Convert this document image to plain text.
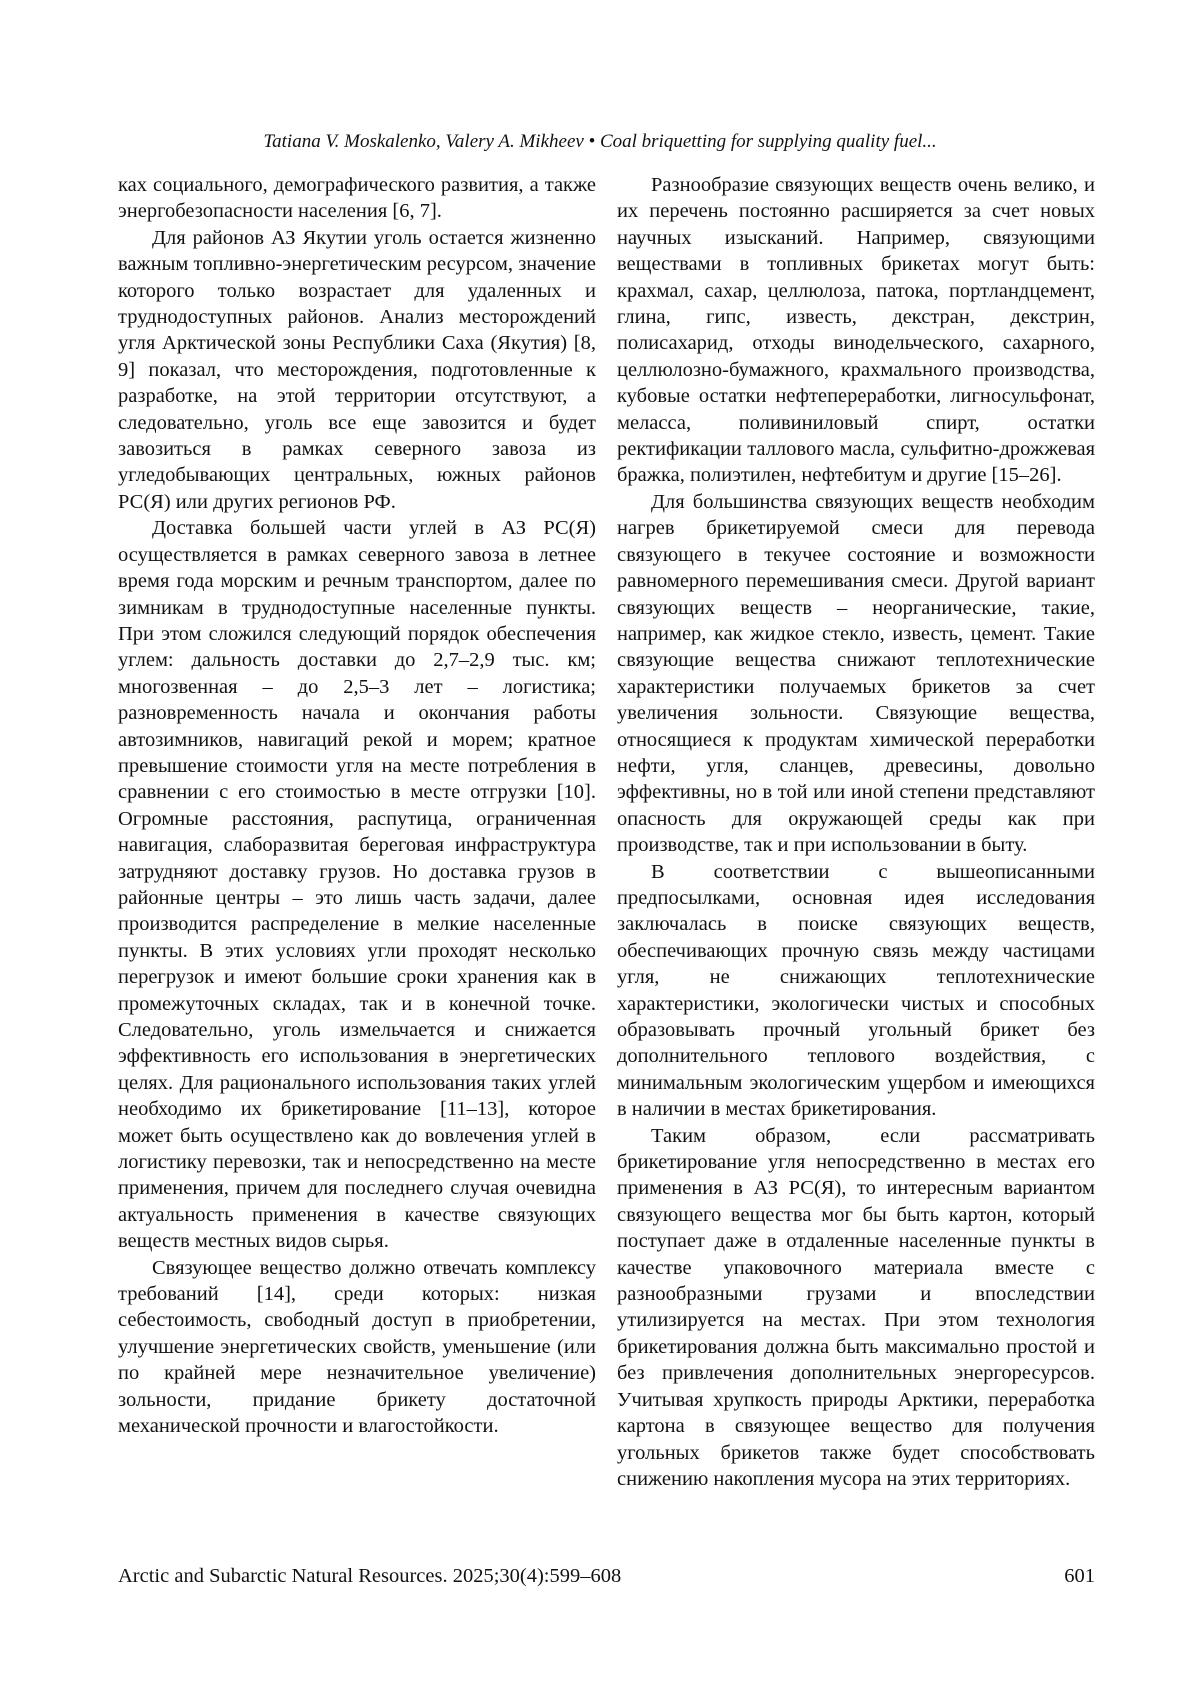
Tatiana V. Moskalenko, Valery A. Mikheev • Coal briquetting for supplying quality fuel...

ках социального, демографического развития, а также энергобезопасности населения [6, 7].

Для районов АЗ Якутии уголь остается жизненно важным топливно-энергетическим ресурсом, значение которого только возрастает для удаленных и труднодоступных районов. Анализ месторождений угля Арктической зоны Республики Саха (Якутия) [8, 9] показал, что месторождения, подготовленные к разработке, на этой территории отсутствуют, а следовательно, уголь все еще завозится и будет завозиться в рамках северного завоза из угледобывающих центральных, южных районов РС(Я) или других регионов РФ.

Доставка большей части углей в АЗ РС(Я) осуществляется в рамках северного завоза в летнее время года морским и речным транспортом, далее по зимникам в труднодоступные населенные пункты. При этом сложился следующий порядок обеспечения углем: дальность доставки до 2,7–2,9 тыс. км; многозвенная – до 2,5–3 лет – логистика; разновременность начала и окончания работы автозимников, навигаций рекой и морем; кратное превышение стоимости угля на месте потребления в сравнении с его стоимостью в месте отгрузки [10]. Огромные расстояния, распутица, ограниченная навигация, слаборазвитая береговая инфраструктура затрудняют доставку грузов. Но доставка грузов в районные центры – это лишь часть задачи, далее производится распределение в мелкие населенные пункты. В этих условиях угли проходят несколько перегрузок и имеют большие сроки хранения как в промежуточных складах, так и в конечной точке. Следовательно, уголь измельчается и снижается эффективность его использования в энергетических целях. Для рационального использования таких углей необходимо их брикетирование [11–13], которое может быть осуществлено как до вовлечения углей в логистику перевозки, так и непосредственно на месте применения, причем для последнего случая очевидна актуальность применения в качестве связующих веществ местных видов сырья.

Связующее вещество должно отвечать комплексу требований [14], среди которых: низкая себестоимость, свободный доступ в приобретении, улучшение энергетических свойств, уменьшение (или по крайней мере незначительное увеличение) зольности, придание брикету достаточной механической прочности и влагостойкости.

Разнообразие связующих веществ очень велико, и их перечень постоянно расширяется за счет новых научных изысканий. Например, связующими веществами в топливных брикетах могут быть: крахмал, сахар, целлюлоза, патока, портландцемент, глина, гипс, известь, декстран, декстрин, полисахарид, отходы винодельческого, сахарного, целлюлозно-бумажного, крахмального производства, кубовые остатки нефтепереработки, лигносульфонат, меласса, поливиниловый спирт, остатки ректификации таллового масла, сульфитно-дрожжевая бражка, полиэтилен, нефтебитум и другие [15–26].

Для большинства связующих веществ необходим нагрев брикетируемой смеси для перевода связующего в текучее состояние и возможности равномерного перемешивания смеси. Другой вариант связующих веществ – неорганические, такие, например, как жидкое стекло, известь, цемент. Такие связующие вещества снижают теплотехнические характеристики получаемых брикетов за счет увеличения зольности. Связующие вещества, относящиеся к продуктам химической переработки нефти, угля, сланцев, древесины, довольно эффективны, но в той или иной степени представляют опасность для окружающей среды как при производстве, так и при использовании в быту.

В соответствии с вышеописанными предпосылками, основная идея исследования заключалась в поиске связующих веществ, обеспечивающих прочную связь между частицами угля, не снижающих теплотехнические характеристики, экологически чистых и способных образовывать прочный угольный брикет без дополнительного теплового воздействия, с минимальным экологическим ущербом и имеющихся в наличии в местах брикетирования.

Таким образом, если рассматривать брикетирование угля непосредственно в местах его применения в АЗ РС(Я), то интересным вариантом связующего вещества мог бы быть картон, который поступает даже в отдаленные населенные пункты в качестве упаковочного материала вместе с разнообразными грузами и впоследствии утилизируется на местах. При этом технология брикетирования должна быть максимально простой и без привлечения дополнительных энергоресурсов. Учитывая хрупкость природы Арктики, переработка картона в связующее вещество для получения угольных брикетов также будет способствовать снижению накопления мусора на этих территориях.

Arctic and Subarctic Natural Resources. 2025;30(4):599–608	601
